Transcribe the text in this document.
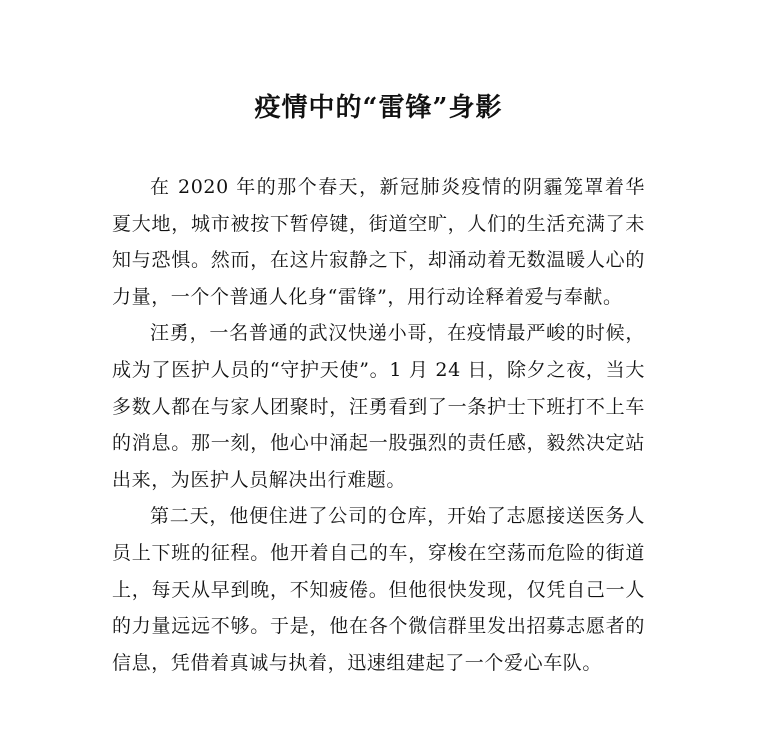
疫情中的“雷锋”身影

在 2020 年的那个春天，新冠肺炎疫情的阴霾笼罩着华夏大地，城市被按下暂停键，街道空旷，人们的生活充满了未知与恐惧。然而，在这片寂静之下，却涌动着无数温暖人心的力量，一个个普通人化身“雷锋”，用行动诠释着爱与奉献。

汪勇，一名普通的武汉快递小哥，在疫情最严峻的时候，成为了医护人员的“守护天使”。1 月 24 日，除夕之夜，当大多数人都在与家人团聚时，汪勇看到了一条护士下班打不上车的消息。那一刻，他心中涌起一股强烈的责任感，毅然决定站出来，为医护人员解决出行难题。

第二天，他便住进了公司的仓库，开始了志愿接送医务人员上下班的征程。他开着自己的车，穿梭在空荡而危险的街道上，每天从早到晚，不知疲倦。但他很快发现，仅凭自己一人的力量远远不够。于是，他在各个微信群里发出招募志愿者的信息，凭借着真诚与执着，迅速组建起了一个爱心车队。
